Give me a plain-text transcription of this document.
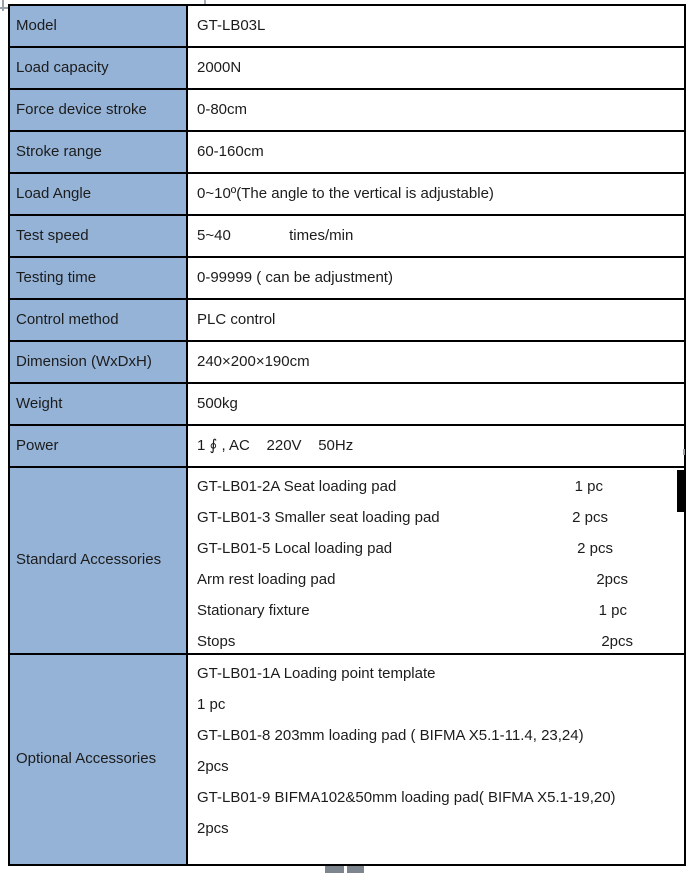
Model	GT-LB03L
Load capacity	2000N
Force device stroke	0-80cm
Stroke range	60-160cm
Load Angle	0~10º(The angle to the vertical is adjustable)
Test speed	5~40              times/min
Testing time	0-99999 ( can be adjustment)
Control method	PLC control
Dimension (WxDxH)	240×200×190cm
Weight	500kg
Power	1 ∮ , AC    220V    50Hz
Standard Accessories
GT-LB01-2A Seat loading pad	1 pc
GT-LB01-3 Smaller seat loading pad	2 pcs
GT-LB01-5 Local loading pad	2 pcs
Arm rest loading pad	2pcs
Stationary fixture	1 pc
Stops	2pcs
Optional Accessories
GT-LB01-1A Loading point template
1 pc
GT-LB01-8 203mm loading pad ( BIFMA X5.1-11.4, 23,24)
2pcs
GT-LB01-9 BIFMA102&50mm loading pad( BIFMA X5.1-19,20)
2pcs
